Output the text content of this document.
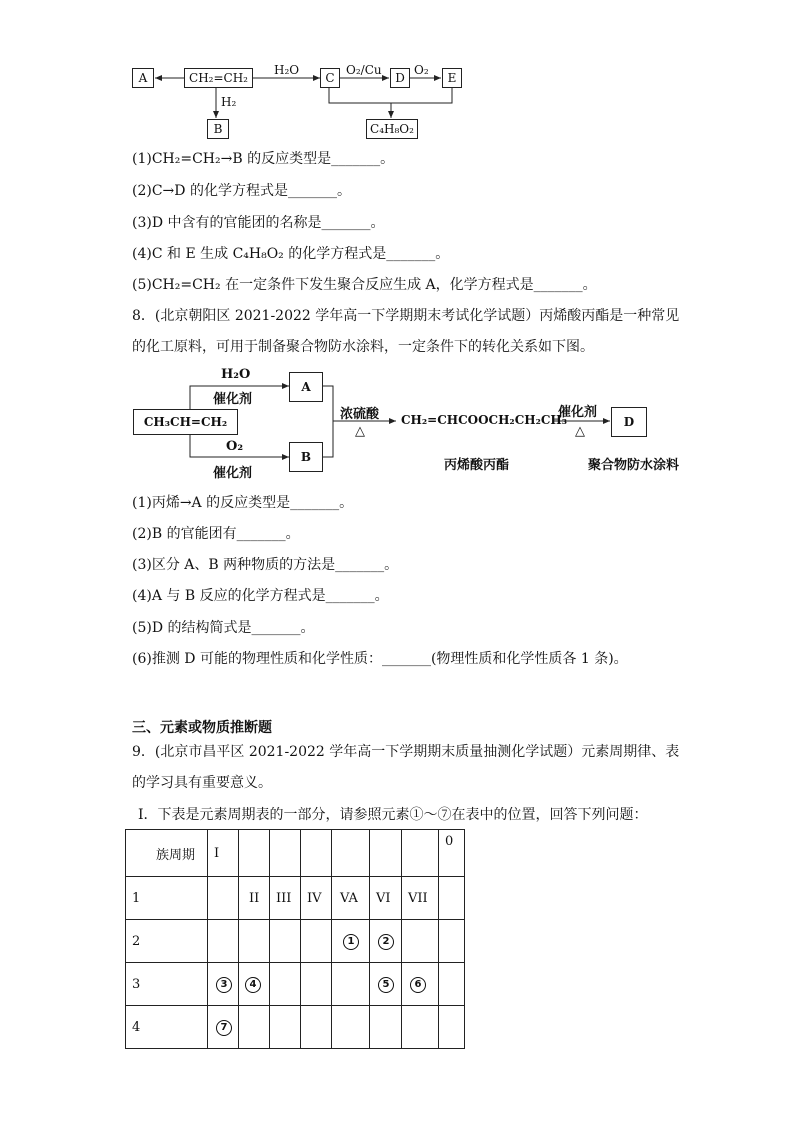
A	CH₂=CH₂
H₂O
C
O₂/Cu
D
O₂
E
H₂
B	C₄H₈O₂
(1)CH₂=CH₂→B 的反应类型是_______。
(2)C→D 的化学方程式是_______。
(3)D 中含有的官能团的名称是_______。
(4)C 和 E 生成 C₄H₈O₂ 的化学方程式是_______。
(5)CH₂=CH₂ 在一定条件下发生聚合反应生成 A，化学方程式是_______。
8．(北京朝阳区 2021-2022 学年高一下学期期末考试化学试题）丙烯酸丙酯是一种常见
的化工原料，可用于制备聚合物防水涂料，一定条件下的转化关系如下图。
CH₃CH=CH₂
H₂O
催化剂
O₂
催化剂
A
B
浓硫酸
△
CH₂=CHCOOCH₂CH₂CH₃
催化剂
△
D
丙烯酸丙酯	聚合物防水涂料
(1)丙烯→A 的反应类型是_______。
(2)B 的官能团有_______。
(3)区分 A、B 两种物质的方法是_______。
(4)A 与 B 反应的化学方程式是_______。
(5)D 的结构简式是_______。
(6)推测 D 可能的物理性质和化学性质：_______(物理性质和化学性质各 1 条)。
三、元素或物质推断题
9．(北京市昌平区 2021-2022 学年高一下学期期末质量抽测化学试题）元素周期律、表
的学习具有重要意义。
Ⅰ．下表是元素周期表的一部分，请参照元素①～⑦在表中的位置，回答下列问题：
族周期	I							0
1		II	III	IV	VA	VI	VII	
2					1	2		
3	3	4				5	6	
4	7							
